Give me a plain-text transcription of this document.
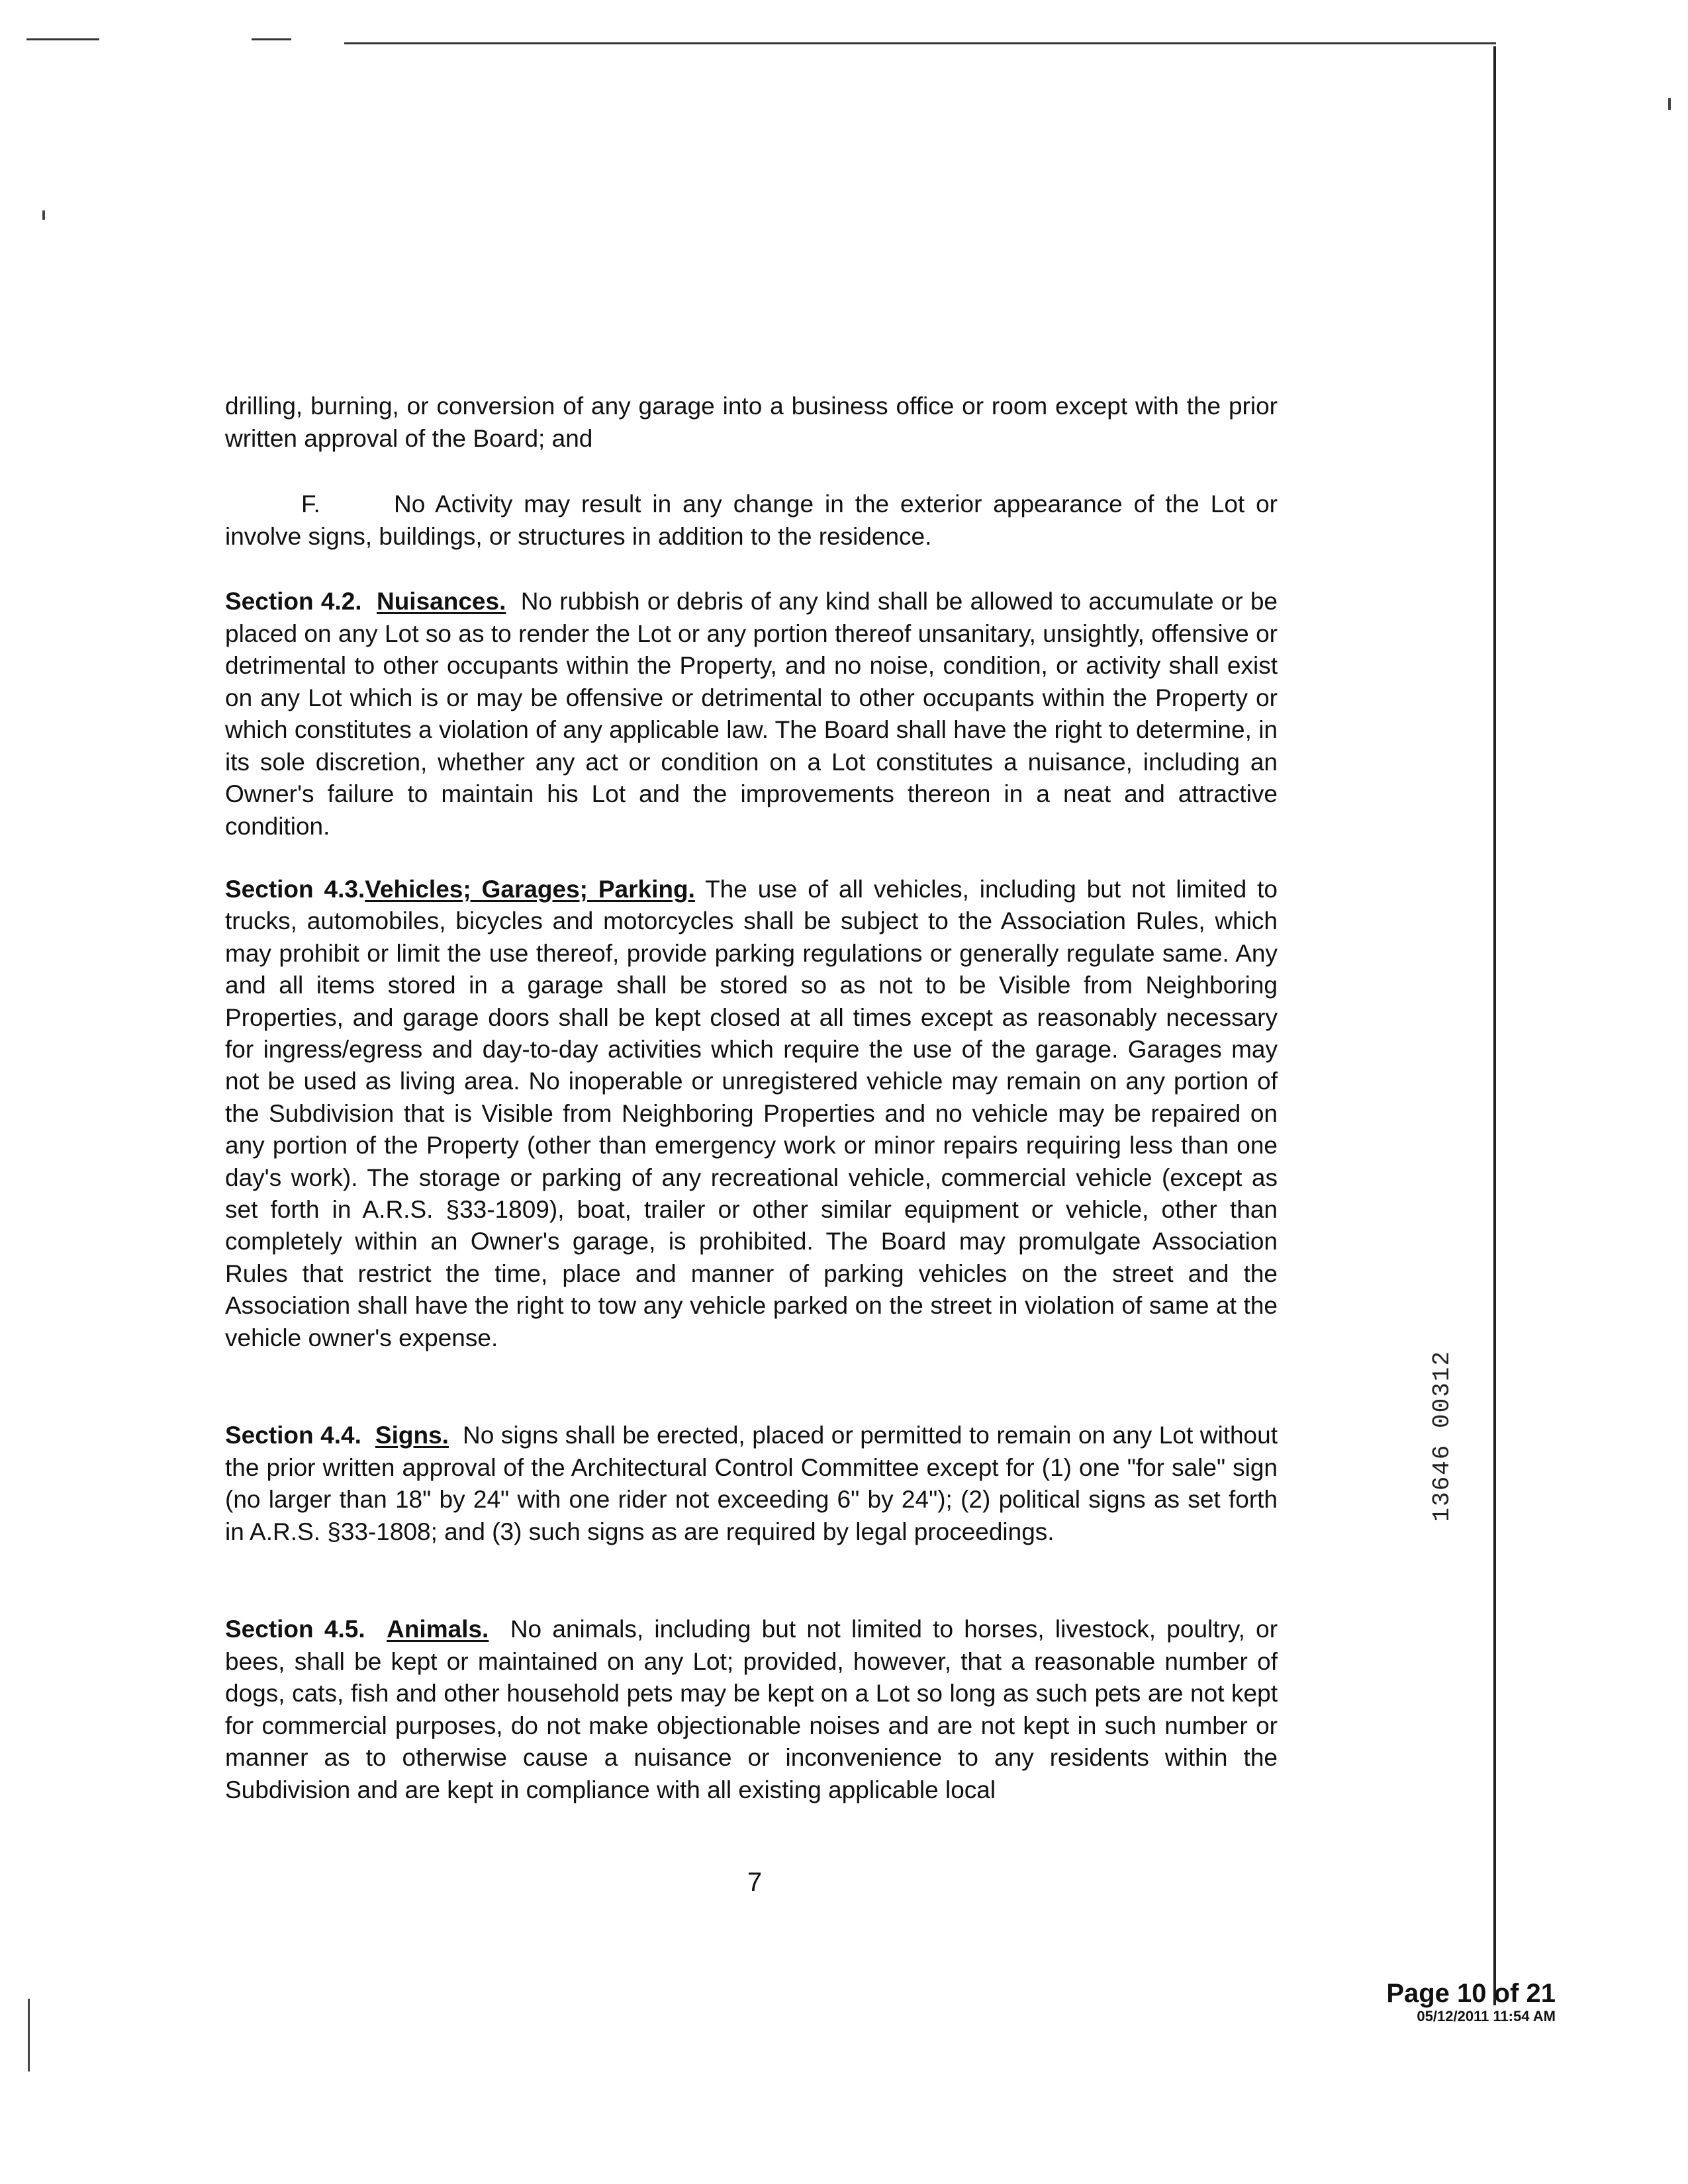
drilling, burning, or conversion of any garage into a business office or room except with the prior written approval of the Board; and

F.	No Activity may result in any change in the exterior appearance of the Lot or involve signs, buildings, or structures in addition to the residence.

Section 4.2. Nuisances. No rubbish or debris of any kind shall be allowed to accumulate or be placed on any Lot so as to render the Lot or any portion thereof unsanitary, unsightly, offensive or detrimental to other occupants within the Property, and no noise, condition, or activity shall exist on any Lot which is or may be offensive or detrimental to other occupants within the Property or which constitutes a violation of any applicable law. The Board shall have the right to determine, in its sole discretion, whether any act or condition on a Lot constitutes a nuisance, including an Owner's failure to maintain his Lot and the improvements thereon in a neat and attractive condition.

Section 4.3.Vehicles; Garages; Parking. The use of all vehicles, including but not limited to trucks, automobiles, bicycles and motorcycles shall be subject to the Association Rules, which may prohibit or limit the use thereof, provide parking regulations or generally regulate same. Any and all items stored in a garage shall be stored so as not to be Visible from Neighboring Properties, and garage doors shall be kept closed at all times except as reasonably necessary for ingress/egress and day-to-day activities which require the use of the garage. Garages may not be used as living area. No inoperable or unregistered vehicle may remain on any portion of the Subdivision that is Visible from Neighboring Properties and no vehicle may be repaired on any portion of the Property (other than emergency work or minor repairs requiring less than one day's work). The storage or parking of any recreational vehicle, commercial vehicle (except as set forth in A.R.S. §33-1809), boat, trailer or other similar equipment or vehicle, other than completely within an Owner's garage, is prohibited. The Board may promulgate Association Rules that restrict the time, place and manner of parking vehicles on the street and the Association shall have the right to tow any vehicle parked on the street in violation of same at the vehicle owner's expense.

Section 4.4. Signs. No signs shall be erected, placed or permitted to remain on any Lot without the prior written approval of the Architectural Control Committee except for (1) one "for sale" sign (no larger than 18" by 24" with one rider not exceeding 6" by 24"); (2) political signs as set forth in A.R.S. §33-1808; and (3) such signs as are required by legal proceedings.

Section 4.5. Animals. No animals, including but not limited to horses, livestock, poultry, or bees, shall be kept or maintained on any Lot; provided, however, that a reasonable number of dogs, cats, fish and other household pets may be kept on a Lot so long as such pets are not kept for commercial purposes, do not make objectionable noises and are not kept in such number or manner as to otherwise cause a nuisance or inconvenience to any residents within the Subdivision and are kept in compliance with all existing applicable local

7
13646 00312
Page 10 of 21
05/12/2011 11:54 AM
